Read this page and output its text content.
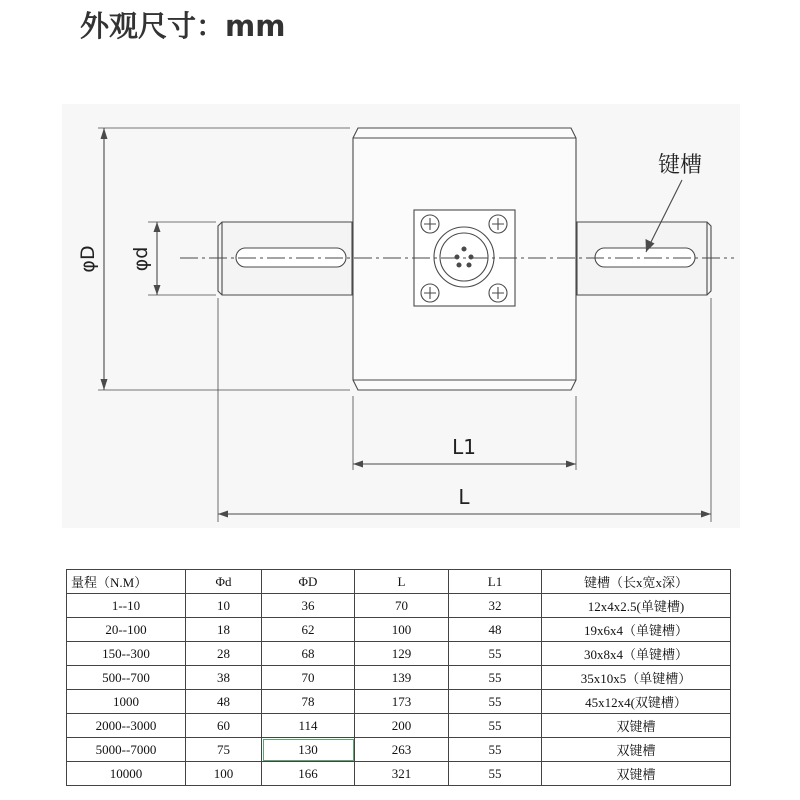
外观尺寸：mm
φD φd
L1
L
键槽
量程（N.M）	Φd	ΦD	L	L1	键槽（长x宽x深）
1--10	10	36	70	32	12x4x2.5(单键槽)
20--100	18	62	100	48	19x6x4（单键槽）
150--300	28	68	129	55	30x8x4（单键槽）
500--700	38	70	139	55	35x10x5（单键槽）
1000	48	78	173	55	45x12x4(双键槽）
2000--3000	60	114	200	55	双键槽
5000--7000	75	130	263	55	双键槽
10000	100	166	321	55	双键槽
